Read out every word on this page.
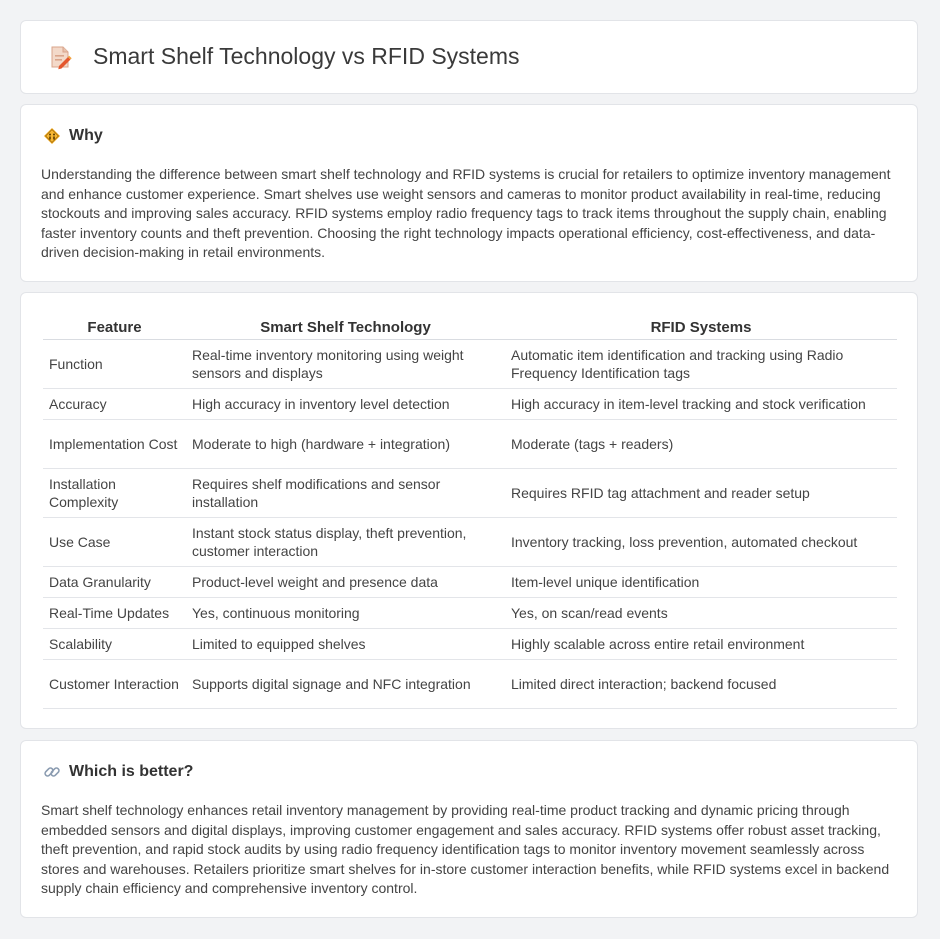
Smart Shelf Technology vs RFID Systems
Why

Understanding the difference between smart shelf technology and RFID systems is crucial for retailers to optimize inventory management and enhance customer experience. Smart shelves use weight sensors and cameras to monitor product availability in real-time, reducing stockouts and improving sales accuracy. RFID systems employ radio frequency tags to track items throughout the supply chain, enabling faster inventory counts and theft prevention. Choosing the right technology impacts operational efficiency, cost-effectiveness, and data-driven decision-making in retail environments.

Feature	Smart Shelf Technology	RFID Systems
Function	Real-time inventory monitoring using weight sensors and displays	Automatic item identification and tracking using Radio Frequency Identification tags
Accuracy	High accuracy in inventory level detection	High accuracy in item-level tracking and stock verification
Implementation Cost	Moderate to high (hardware + integration)	Moderate (tags + readers)
Installation Complexity	Requires shelf modifications and sensor installation	Requires RFID tag attachment and reader setup
Use Case	Instant stock status display, theft prevention, customer interaction	Inventory tracking, loss prevention, automated checkout
Data Granularity	Product-level weight and presence data	Item-level unique identification
Real-Time Updates	Yes, continuous monitoring	Yes, on scan/read events
Scalability	Limited to equipped shelves	Highly scalable across entire retail environment
Customer Interaction	Supports digital signage and NFC integration	Limited direct interaction; backend focused
Which is better?

Smart shelf technology enhances retail inventory management by providing real-time product tracking and dynamic pricing through embedded sensors and digital displays, improving customer engagement and sales accuracy. RFID systems offer robust asset tracking, theft prevention, and rapid stock audits by using radio frequency identification tags to monitor inventory movement seamlessly across stores and warehouses. Retailers prioritize smart shelves for in-store customer interaction benefits, while RFID systems excel in backend supply chain efficiency and comprehensive inventory control.
